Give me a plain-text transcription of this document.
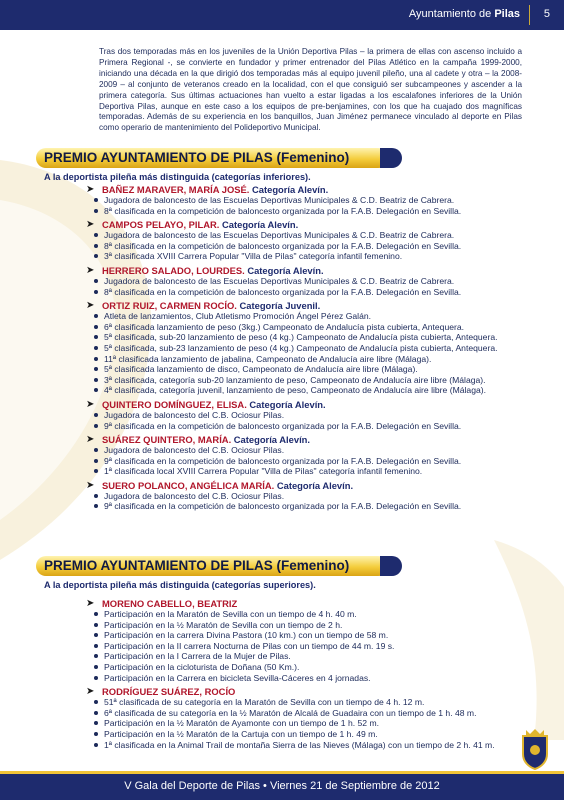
Ayuntamiento de Pilas 5
Tras dos temporadas más en los juveniles de la Unión Deportiva Pilas – la primera de ellas con ascenso incluido a Primera Regional -, se convierte en fundador y primer entrenador del Pilas Atlético en la campaña 1999-2000, iniciando una década en la que dirigió dos temporadas más al equipo juvenil pileño, una al cadete y otra – la 2008-2009 – al conjunto de veteranos creado en la localidad, con el que consiguió ser subcampeones y ascender a la primera categoría. Sus últimas actuaciones han vuelto a estar ligadas a los escalafones inferiores de la Unión Deportiva Pilas, aunque en este caso a los equipos de pre-benjamines, con los que ha cuajado dos magníficas temporadas. Además de su experiencia en los banquillos, Juan Jiménez permanece vinculado al deporte en Pilas como operario de mantenimiento del Polideportivo Municipal.
PREMIO AYUNTAMIENTO DE PILAS (Femenino)
A la deportista pileña más distinguida (categorías inferiores).
➤ BAÑEZ MARAVER, MARÍA JOSÉ. Categoría Alevín.
Jugadora de baloncesto de las Escuelas Deportivas Municipales & C.D. Beatriz de Cabrera.
8ª clasificada en la competición de baloncesto organizada por la F.A.B. Delegación en Sevilla.
➤ CAMPOS PELAYO, PILAR. Categoría Alevín.
Jugadora de baloncesto de las Escuelas Deportivas Municipales & C.D. Beatriz de Cabrera.
8ª clasificada en la competición de baloncesto organizada por la F.A.B. Delegación en Sevilla.
3ª clasificada XVIII Carrera Popular "Villa de Pilas" categoría infantil femenino.
➤ HERRERO SALADO, LOURDES. Categoría Alevín.
Jugadora de baloncesto de las Escuelas Deportivas Municipales & C.D. Beatriz de Cabrera.
8ª clasificada en la competición de baloncesto organizada por la F.A.B. Delegación en Sevilla.
➤ ORTIZ RUIZ, CARMEN ROCÍO. Categoría Juvenil.
Atleta de lanzamientos, Club Atletismo Promoción Ángel Pérez Galán.
6ª clasificada lanzamiento de peso (3kg.) Campeonato de Andalucía pista cubierta, Antequera.
5ª clasificada, sub-20 lanzamiento de peso (4 kg.) Campeonato de Andalucía pista cubierta, Antequera.
5ª clasificada, sub-23 lanzamiento de peso (4 kg.) Campeonato de Andalucía pista cubierta, Antequera.
11ª clasificada lanzamiento de jabalina, Campeonato de Andalucía aire libre (Málaga).
5ª clasificada lanzamiento de disco, Campeonato de Andalucía aire libre (Málaga).
3ª clasificada, categoría sub-20 lanzamiento de peso, Campeonato de Andalucía aire libre (Málaga).
4ª clasificada, categoría juvenil, lanzamiento de peso, Campeonato de Andalucía aire libre (Málaga).
➤ QUINTERO DOMÍNGUEZ, ELISA. Categoría Alevín.
Jugadora de baloncesto del C.B. Ociosur Pilas.
9ª clasificada en la competición de baloncesto organizada por la F.A.B. Delegación en Sevilla.
➤ SUÁREZ QUINTERO, MARÍA. Categoría Alevín.
Jugadora de baloncesto del C.B. Ociosur Pilas.
9ª clasificada en la competición de baloncesto organizada por la F.A.B. Delegación en Sevilla.
1ª clasificada local XVIII Carrera Popular "Villa de Pilas" categoría infantil femenino.
➤ SUERO POLANCO, ANGÉLICA MARÍA. Categoría Alevín.
Jugadora de baloncesto del C.B. Ociosur Pilas.
9ª clasificada en la competición de baloncesto organizada por la F.A.B. Delegación en Sevilla.
PREMIO AYUNTAMIENTO DE PILAS (Femenino)
A la deportista pileña más distinguida (categorías superiores).
➤ MORENO CABELLO, BEATRIZ
Participación en la Maratón de Sevilla con un tiempo de 4 h. 40 m.
Participación en la ½ Maratón de Sevilla con un tiempo de 2 h.
Participación en la carrera Divina Pastora (10 km.) con un tiempo de 58 m.
Participación en la II carrera Nocturna de Pilas con un tiempo de 44 m. 19 s.
Participación en la I Carrera de la Mujer de Pilas.
Participación en la cicloturista de Doñana (50 Km.).
Participación en la Carrera en bicicleta Sevilla-Cáceres en 4 jornadas.
➤ RODRÍGUEZ SUÁREZ, ROCÍO
51ª clasificada de su categoría en la Maratón de Sevilla con un tiempo de 4 h. 12 m.
6ª clasificada de su categoría en la ½ Maratón de Alcalá de Guadaira con un tiempo de 1 h. 48 m.
Participación en la ½ Maratón de Ayamonte con un tiempo de 1 h. 52 m.
Participación en la ½ Maratón de la Cartuja con un tiempo de 1 h. 49 m.
1ª clasificada en la Animal Trail de montaña Sierra de las Nieves (Málaga) con un tiempo de 2 h. 41 m.
V Gala del Deporte de Pilas • Viernes 21 de Septiembre de 2012
